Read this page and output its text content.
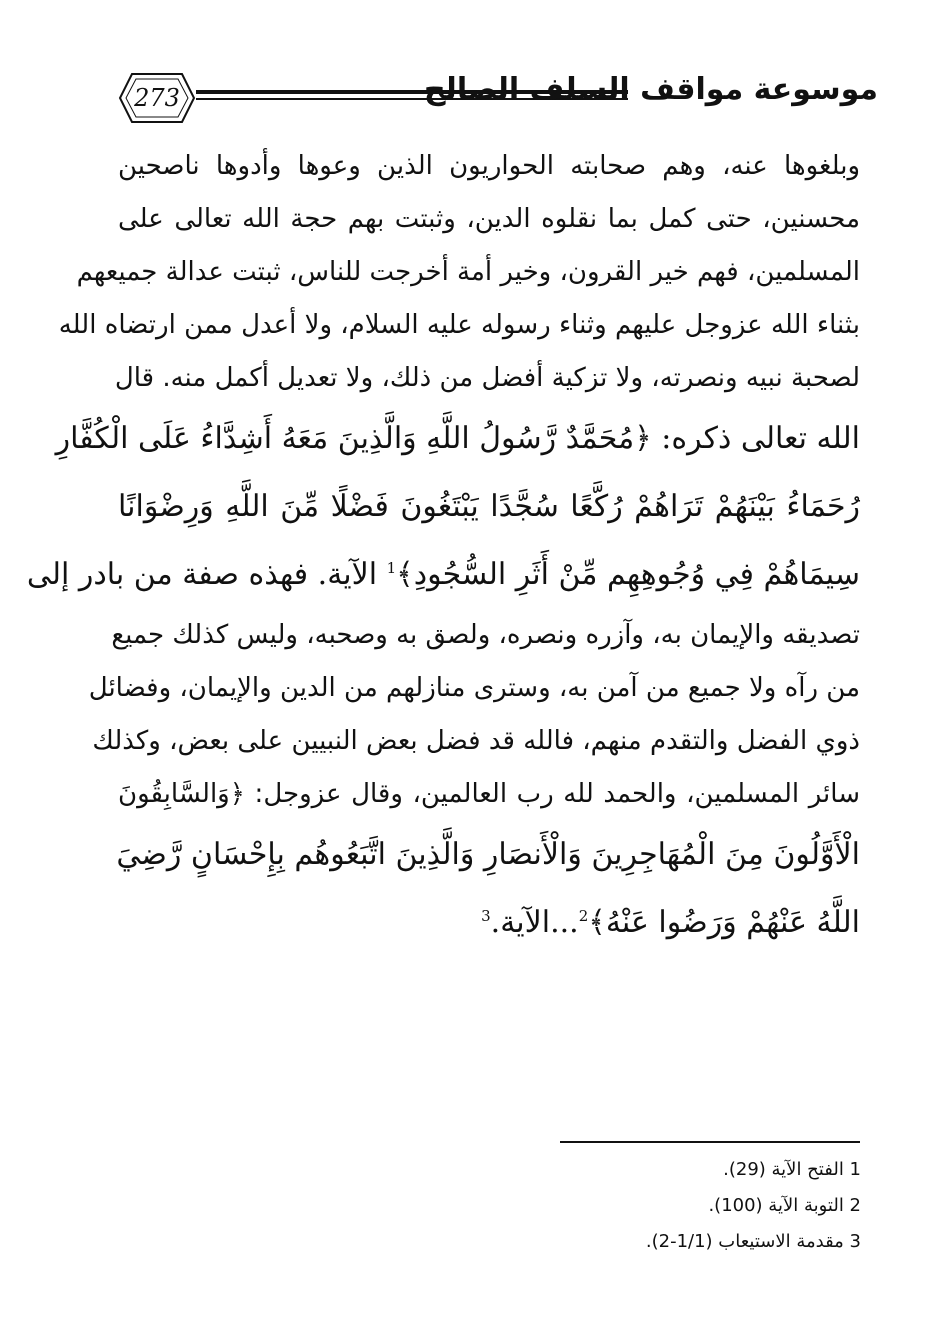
273	موسوعة مواقف السلف الصالح
وبلغوها عنه، وهم صحابته الحواريون الذين وعوها وأدوها ناصحين
محسنين، حتى كمل بما نقلوه الدين، وثبتت بهم حجة الله تعالى على
المسلمين، فهم خير القرون، وخير أمة أخرجت للناس، ثبتت عدالة جميعهم
بثناء الله عزوجل عليهم وثناء رسوله عليه السلام، ولا أعدل ممن ارتضاه الله
لصحبة نبيه ونصرته، ولا تزكية أفضل من ذلك، ولا تعديل أكمل منه. قال
الله تعالى ذكره: ﴿مُحَمَّدٌ رَّسُولُ اللَّهِ وَالَّذِينَ مَعَهُ أَشِدَّاءُ عَلَى الْكُفَّارِ
رُحَمَاءُ بَيْنَهُمْ تَرَاهُمْ رُكَّعًا سُجَّدًا يَبْتَغُونَ فَضْلًا مِّنَ اللَّهِ وَرِضْوَانًا
سِيمَاهُمْ فِي وُجُوهِهِم مِّنْ أَثَرِ السُّجُودِ﴾$^1$ الآية. فهذه صفة من بادر إلى
تصديقه والإيمان به، وآزره ونصره، ولصق به وصحبه، وليس كذلك جميع
من رآه ولا جميع من آمن به، وسترى منازلهم من الدين والإيمان، وفضائل
ذوي الفضل والتقدم منهم، فالله قد فضل بعض النبيين على بعض، وكذلك
سائر المسلمين، والحمد لله رب العالمين، وقال عزوجل: ﴿وَالسَّابِقُونَ
الْأَوَّلُونَ مِنَ الْمُهَاجِرِينَ وَالْأَنصَارِ وَالَّذِينَ اتَّبَعُوهُم بِإِحْسَانٍ رَّضِيَ
اللَّهُ عَنْهُمْ وَرَضُوا عَنْهُ﴾$^2$...الآية.$^3$
1 الفتح الآية (29).
2 التوبة الآية (100).
3 مقدمة الاستيعاب (1/1-2).
